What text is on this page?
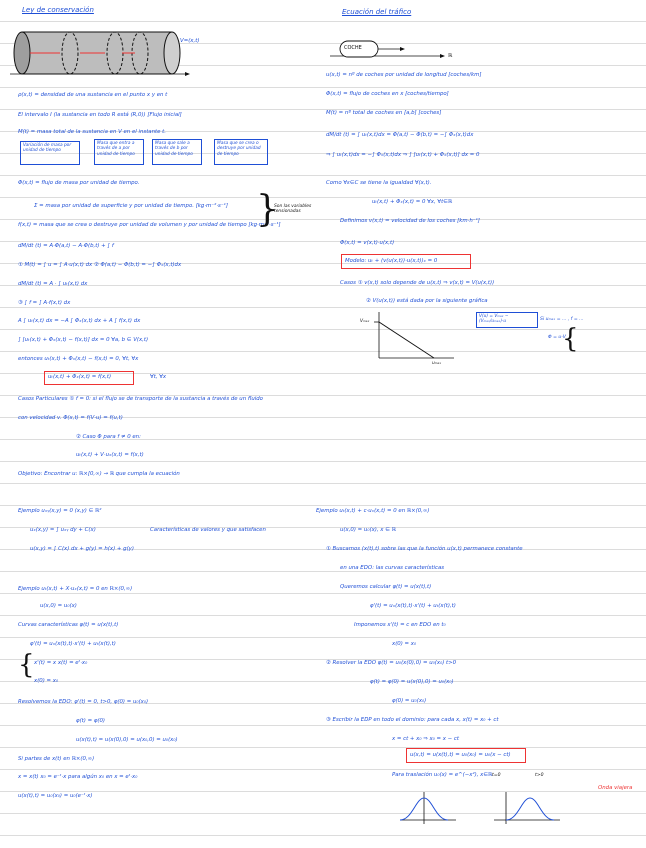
Ley de conservación
V=(x,t)
ρ(x,t) = densidad de una sustancia en el punto x y en t
El intervalo I (la sustancia en todo R está (R,0)) [Flujo inicial]
M(t) = masa total de la sustancia en V en el instante t.
Variación de masa por unidad de tiempo
Masa que entra a través de a por unidad de tiempo
Masa que sale a través de b por unidad de tiempo
Masa que se crea o destruye por unidad de tiempo
Φ(x,t) = flujo de masa por unidad de tiempo.
Σ = masa por unidad de superficie y por unidad de tiempo. [kg·m⁻²·s⁻¹]
f(x,t) = masa que se crea o destruye por unidad de volumen y por unidad de tiempo [kg·m⁻³·s⁻¹]
}
Son las variables tensionadas
dM/dt (t) = A·Φ(a,t) − A·Φ(b,t) + ∫ f
① M(t) = ∫ u = ∫ A·u(x,t) dx ② Φ(a,t) − Φ(b,t) = −∫ Φₓ(x,t)dx
dM/dt (t) = A · ∫ uₜ(x,t) dx
③ ∫ f = ∫ A·f(x,t) dx
A ∫ uₜ(x,t) dx = −A ∫ Φₓ(x,t) dx + A ∫ f(x,t) dx
∫ [uₜ(x,t) + Φₓ(x,t) − f(x,t)] dx = 0 ∀a, b ∈ V(x,t)
entonces uₜ(x,t) + Φₓ(x,t) − f(x,t) = 0, ∀t, ∀x
uₜ(x,t) + Φₓ(x,t) = f(x,t)	∀t, ∀x
Casos Particulares ① f = 0: si el flujo se de transporte de la sustancia a través de un fluido
con velocidad v. Φ(x,t) = f(V·u) = f(u,t)
② Caso Φ para f ≠ 0 en:
uₜ(x,t) + V·uₓ(x,t) = f(x,t)
Objetivo: Encontrar u: ℝ×[0,∞) → ℝ que cumpla la ecuación
Ecuación del tráfico
COCHE
ℝ
u(x,t) = nº de coches por unidad de longitud [coches/km]
Φ(x,t) = flujo de coches en x [coches/tiempo]
M(t) = nº total de coches en [a,b] [coches]
dM/dt (t) = ∫ uₜ(x,t)dx = Φ(a,t) − Φ(b,t) = −∫ Φₓ(x,t)dx
⇒ ∫ uₜ(x,t)dx = −∫ Φₓ(x,t)dx ⇒ ∫ [uₜ(x,t) + Φₓ(x,t)] dx = 0
Como ∀ε∈C se tiene la igualdad ∀(x,t).
uₜ(x,t) + Φₓ(x,t) = 0 ∀x, ∀t∈ℝ
Definimos v(x,t) = velocidad de los coches [km·h⁻¹]
Φ(x,t) = v(x,t)·u(x,t)
Modelo: uₜ + (v(u(x,t))·u(x,t))ₓ = 0
Casos ① v(x,t) solo depende de u(x,t) ⇒ v(x,t) = V(u(x,t))
② V(u(x,t)) está dada por la siguiente gráfica
Vₘₐₓ
uₘₐₓ
V(u) = Vₘₐₓ − (Vₘₐₓ/uₘₐₓ)·u	Si uₘₐₓ = ... , f = ...
{
Φ = u·V
Ejemplo uₓᵧ(x,y) = 0 (x,y) ∈ ℝ²
uₓ(x,y) = ∫ uₓᵧ dy + C(x)
u(x,y) = ∫ C(x) dx + g(y) = h(x) + g(y)
Características de valores y que satisfacen
Ejemplo uₜ(x,t) + X·uₓ(x,t) = 0 en ℝ×(0,∞)
u(x,0) = u₀(x)
Curvas características φ(t) = u(x(t),t)
φ'(t) = uₓ(x(t),t)·x'(t) + uₜ(x(t),t)
{ x'(t) = x x(t) = eᵗ·x₀
x(0) = x₀
Resolvemos la EDO: φ'(t) = 0, t>0, φ(0) = u₀(x₀)
φ(t) = φ(0)
u(x(t),t) = u(x(0),0) = u(x₀,0) = u₀(x₀)
Si partes de x(t) en ℝ×(0,∞)
x = x(t) x₀ = e⁻ᵗ·x para algún x₀ en x = eᵗ·x₀
u(x(t),t) = u₀(x₀) = u₀(e⁻ᵗ·x)
Ejemplo uₜ(x,t) + c·uₓ(x,t) = 0 en ℝ×(0,∞)
u(x,0) = u₀(x), x ∈ ℝ
① Buscamos (x(t),t) sobre las que la función u(x,t) permanece constante
en una EDO: las curvas características
Queremos calcular φ(t) = u(x(t),t)
φ'(t) = uₓ(x(t),t)·x'(t) + uₜ(x(t),t)
Imponemos x'(t) = c en EDO en t₀
x(0) = x₀
② Resolver la EDO φ(t) = u₀(x(0),0) = u₀(x₀) t>0
φ(t) = φ(0) = u(x(0),0) = u₀(x₀)
φ(0) = u₀(x₀)
③ Escribir la EDP en todo el dominio: para cada x, x(t) = x₀ + ct
x = ct + x₀ ⇒ x₀ = x − ct
u(x,t) = u(x(t),t) = u₀(x₀) = u₀(x − ct)
Para traslación u₀(x) = e^(−x²), x∈ℝ t=0	t>0
Onda viajera
